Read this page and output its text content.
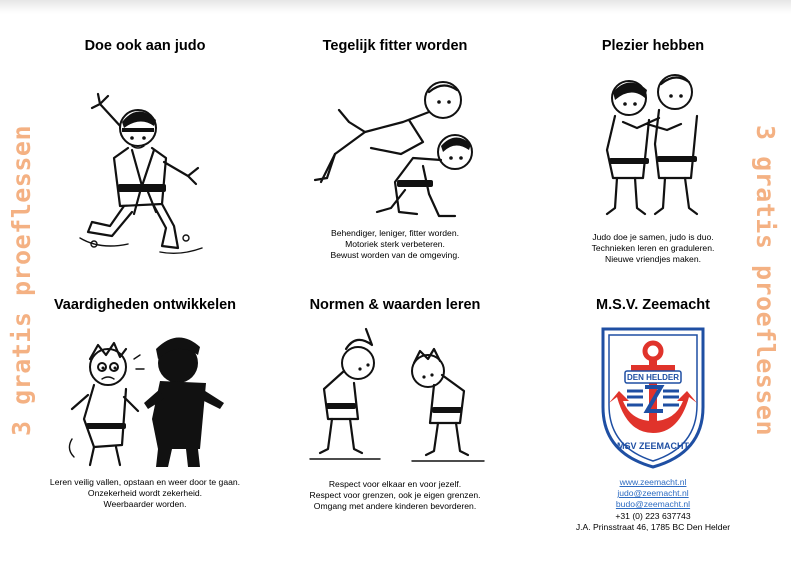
3 gratis proeflessen	3 gratis proeflessen
Doe ook aan judo	Tegelijk fitter worden

Behendiger, leniger, fitter worden.

Motoriek sterk verbeteren.

Bewust worden van de omgeving.

Plezier hebben

Judo doe je samen, judo is duo.

Technieken leren en graduleren.

Nieuwe vriendjes maken.

Vaardigheden ontwikkelen

Leren veilig vallen, opstaan en weer door te gaan.

Onzekerheid wordt zekerheid.

Weerbaarder worden.

Normen & waarden leren

Respect voor elkaar en voor jezelf.

Respect voor grenzen, ook je eigen grenzen.

Omgang met andere kinderen bevorderen.

M.S.V. Zeemacht
DEN HELDER
MSV ZEEMACHT
www.zeemacht.nl
judo@zeemacht.nl
budo@zeemacht.nl
+31 (0) 223 637743
J.A. Prinsstraat 46, 1785 BC Den Helder
